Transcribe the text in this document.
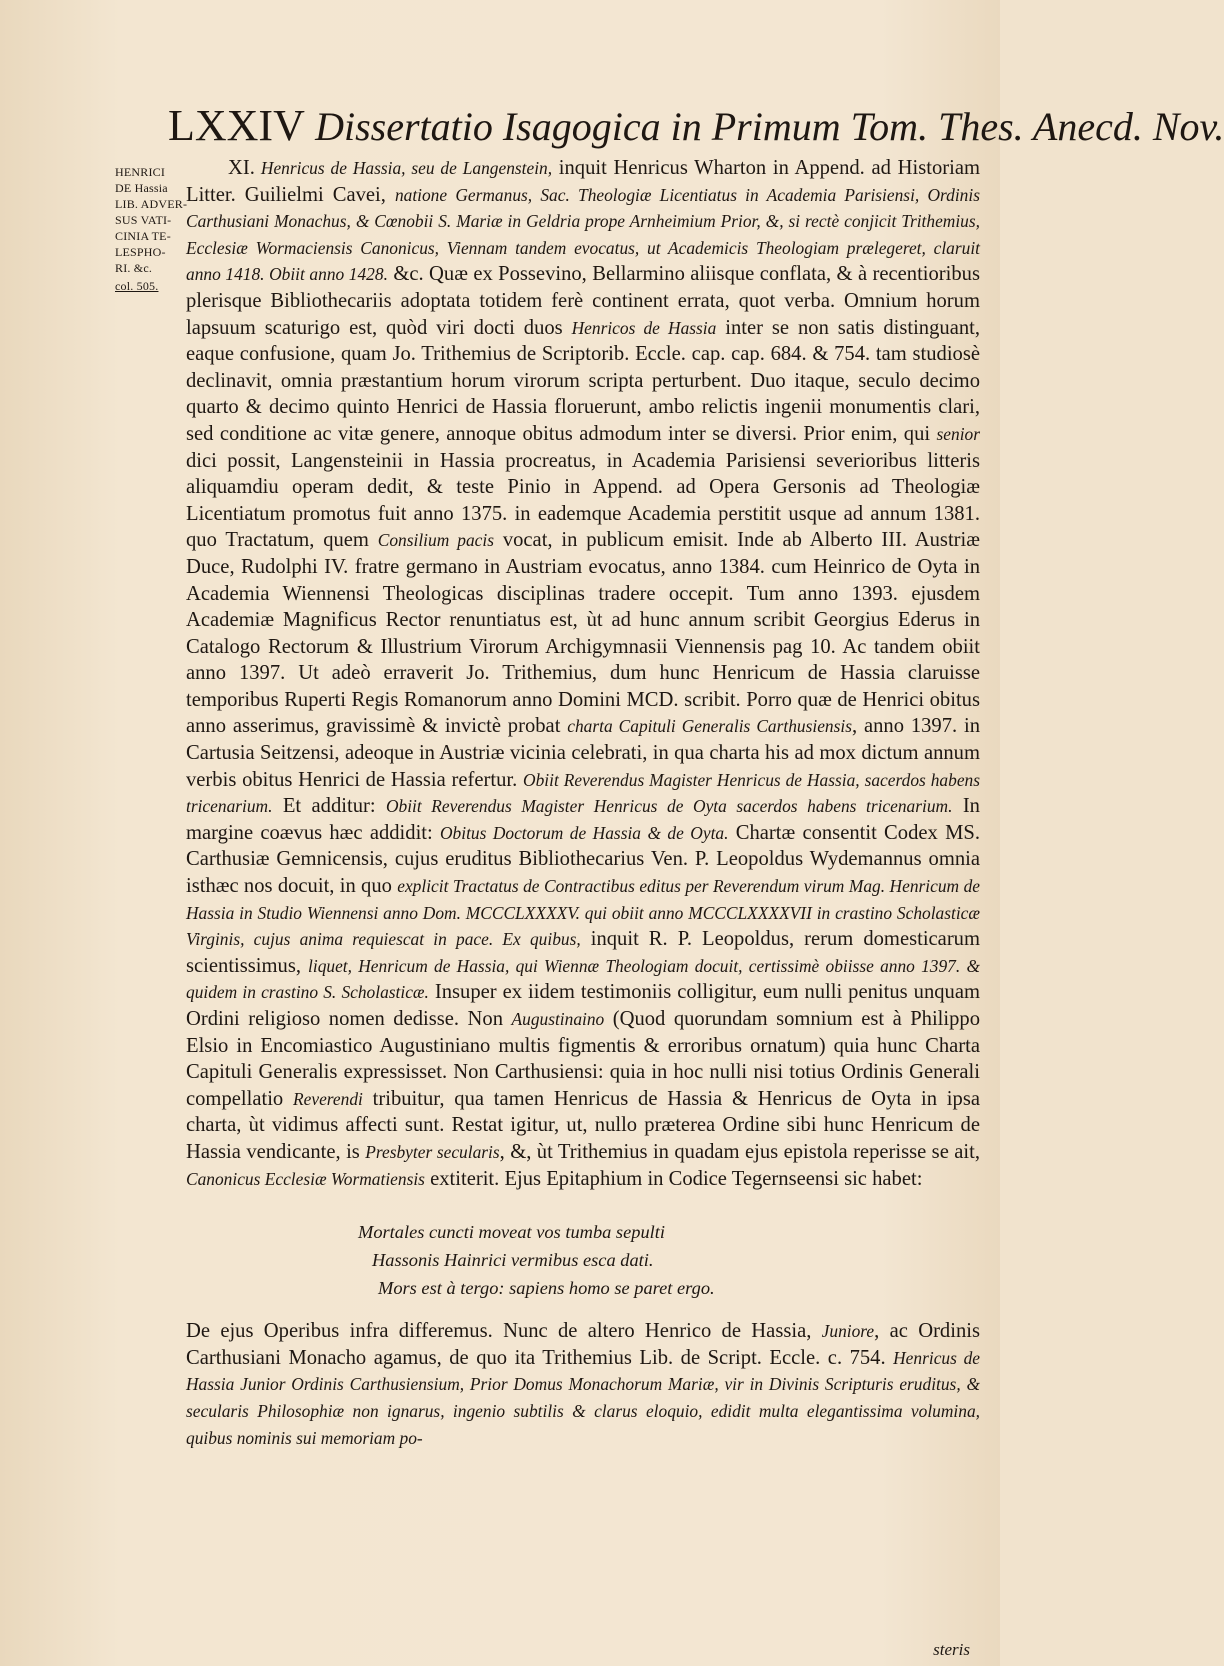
LXXIV Dissertatio Isagogica in Primum Tom. Thes. Anecd. Nov.
HENRICI
DE Hassia
LIB. ADVER-
SUS VATI-
CINIA TE-
LESPHO-
RI. &c.
col. 505.

XI. Henricus de Hassia, seu de Langenstein, inquit Henricus Wharton in Append. ad Historiam Litter. Guilielmi Cavei, natione Germanus, Sac. Theologiæ Licentiatus in Academia Parisiensi, Ordinis Carthusiani Monachus, & Cœnobii S. Mariæ in Geldria prope Arnheimium Prior, &, si rectè conjicit Trithemius, Ecclesiæ Wormaciensis Canonicus, Viennam tandem evocatus, ut Academicis Theologiam prælegeret, claruit anno 1418. Obiit anno 1428. &c. Quæ ex Possevino, Bellarmino aliisque conflata, & à recentioribus plerisque Bibliothecariis adoptata totidem ferè continent errata, quot verba. Omnium horum lapsuum scaturigo est, quòd viri docti duos Henricos de Hassia inter se non satis distinguant, eaque confusione, quam Jo. Trithemius de Scriptorib. Eccle. cap. cap. 684. & 754. tam studiosè declinavit, omnia præstantium horum virorum scripta perturbent. Duo itaque, seculo decimo quarto & decimo quinto Henrici de Hassia floruerunt, ambo relictis ingenii monumentis clari, sed conditione ac vitæ genere, annoque obitus admodum inter se diversi. Prior enim, qui senior dici possit, Langensteinii in Hassia procreatus, in Academia Parisiensi severioribus litteris aliquamdiu operam dedit, & teste Pinio in Append. ad Opera Gersonis ad Theologiæ Licentiatum promotus fuit anno 1375. in eademque Academia perstitit usque ad annum 1381. quo Tractatum, quem Consilium pacis vocat, in publicum emisit. Inde ab Alberto III. Austriæ Duce, Rudolphi IV. fratre germano in Austriam evocatus, anno 1384. cum Heinrico de Oyta in Academia Wiennensi Theologicas disciplinas tradere occepit. Tum anno 1393. ejusdem Academiæ Magnificus Rector renuntiatus est, ùt ad hunc annum scribit Georgius Ederus in Catalogo Rectorum & Illustrium Virorum Archigymnasii Viennensis pag 10. Ac tandem obiit anno 1397. Ut adeò erraverit Jo. Trithemius, dum hunc Henricum de Hassia claruisse temporibus Ruperti Regis Romanorum anno Domini MCD. scribit. Porro quæ de Henrici obitus anno asserimus, gravissimè & invictè probat charta Capituli Generalis Carthusiensis, anno 1397. in Cartusia Seitzensi, adeoque in Austriæ vicinia celebrati, in qua charta his ad mox dictum annum verbis obitus Henrici de Hassia refertur. Obiit Reverendus Magister Henricus de Hassia, sacerdos habens tricenarium. Et additur: Obiit Reverendus Magister Henricus de Oyta sacerdos habens tricenarium. In margine coævus hæc addidit: Obitus Doctorum de Hassia & de Oyta. Chartæ consentit Codex MS. Carthusiæ Gemnicensis, cujus eruditus Bibliothecarius Ven. P. Leopoldus Wydemannus omnia isthæc nos docuit, in quo explicit Tractatus de Contractibus editus per Reverendum virum Mag. Henricum de Hassia in Studio Wiennensi anno Dom. MCCCLXXXXV. qui obiit anno MCCCLXXXXVII in crastino Scholasticæ Virginis, cujus anima requiescat in pace. Ex quibus, inquit R. P. Leopoldus, rerum domesticarum scientissimus, liquet, Henricum de Hassia, qui Wiennæ Theologiam docuit, certissimè obiisse anno 1397. & quidem in crastino S. Scholasticæ. Insuper ex iidem testimoniis colligitur, eum nulli penitus unquam Ordini religioso nomen dedisse. Non Augustinaino (Quod quorundam somnium est à Philippo Elsio in Encomiastico Augustiniano multis figmentis & erroribus ornatum) quia hunc Charta Capituli Generalis expressisset. Non Carthusiensi: quia in hoc nulli nisi totius Ordinis Generali compellatio Reverendi tribuitur, qua tamen Henricus de Hassia & Henricus de Oyta in ipsa charta, ùt vidimus affecti sunt. Restat igitur, ut, nullo præterea Ordine sibi hunc Henricum de Hassia vendicante, is Presbyter secularis, &, ùt Trithemius in quadam ejus epistola reperisse se ait, Canonicus Ecclesiæ Wormatiensis extiterit. Ejus Epitaphium in Codice Tegernseensi sic habet:

Mortales cuncti moveat vos tumba sepulti
Hassonis Hainrici vermibus esca dati.
Mors est à tergo: sapiens homo se paret ergo.

De ejus Operibus infra differemus. Nunc de altero Henrico de Hassia, Juniore, ac Ordinis Carthusiani Monacho agamus, de quo ita Trithemius Lib. de Script. Eccle. c. 754. Henricus de Hassia Junior Ordinis Carthusiensium, Prior Domus Monachorum Mariæ, vir in Divinis Scripturis eruditus, & secularis Philosophiæ non ignarus, ingenio subtilis & clarus eloquio, edidit multa elegantissima volumina, quibus nominis sui memoriam po-

steris
